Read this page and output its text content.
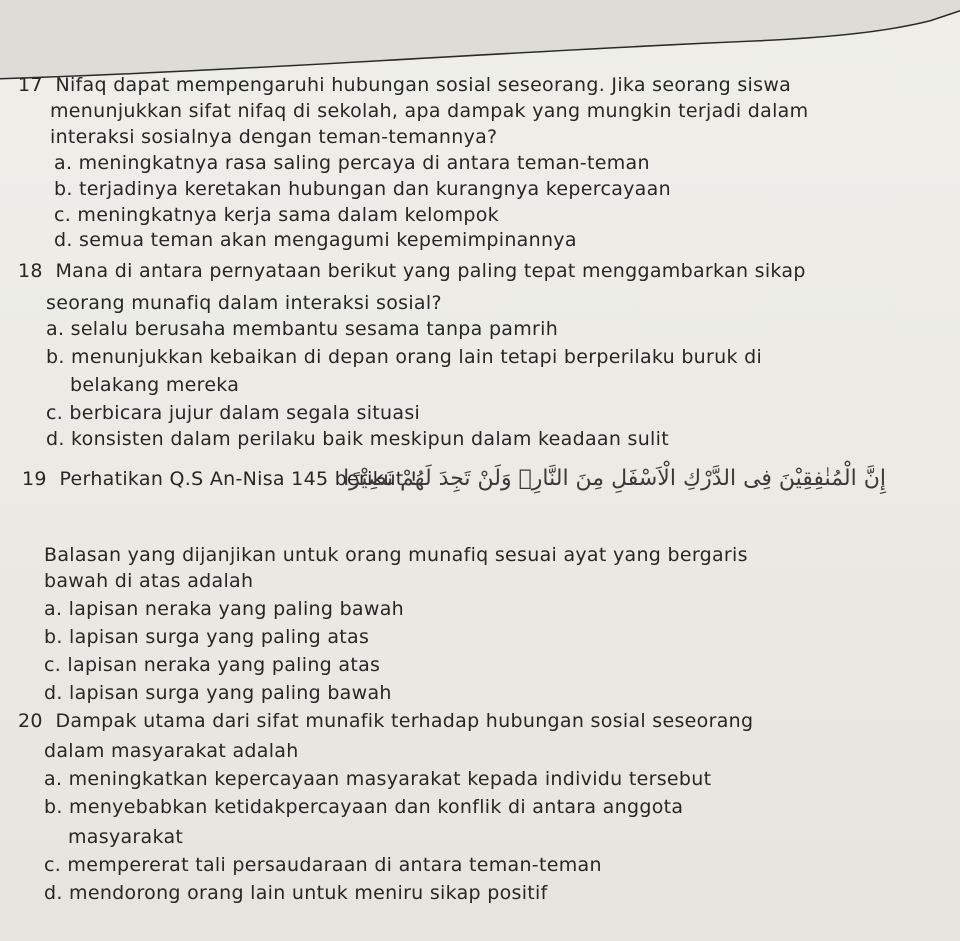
17 Nifaq dapat mempengaruhi hubungan sosial seseorang. Jika seorang siswa

menunjukkan sifat nifaq di sekolah, apa dampak yang mungkin terjadi dalam

interaksi sosialnya dengan teman-temannya?

a. meningkatnya rasa saling percaya di antara teman-teman

b. terjadinya keretakan hubungan dan kurangnya kepercayaan

c. meningkatnya kerja sama dalam kelompok

d. semua teman akan mengagumi kepemimpinannya

18 Mana di antara pernyataan berikut yang paling tepat menggambarkan sikap

seorang munafiq dalam interaksi sosial?

a. selalu berusaha membantu sesama tanpa pamrih

b. menunjukkan kebaikan di depan orang lain tetapi berperilaku buruk di

belakang mereka

c. berbicara jujur dalam segala situasi

d. konsisten dalam perilaku baik meskipun dalam keadaan sulit

19 Perhatikan Q.S An-Nisa 145 berikut !

إِنَّ الْمُنٰفِقِيْنَ فِى الدَّرْكِ الْاَسْفَلِ مِنَ النَّارِۚ وَلَنْ تَجِدَ لَهُمْ نَصِيْرًا

Balasan yang dijanjikan untuk orang munafiq sesuai ayat yang bergaris

bawah di atas adalah

a. lapisan neraka yang paling bawah

b. lapisan surga yang paling atas

c. lapisan neraka yang paling atas

d. lapisan surga yang paling bawah

20 Dampak utama dari sifat munafik terhadap hubungan sosial seseorang

dalam masyarakat adalah

a. meningkatkan kepercayaan masyarakat kepada individu tersebut

b. menyebabkan ketidakpercayaan dan konflik di antara anggota

masyarakat

c. mempererat tali persaudaraan di antara teman-teman

d. mendorong orang lain untuk meniru sikap positif
